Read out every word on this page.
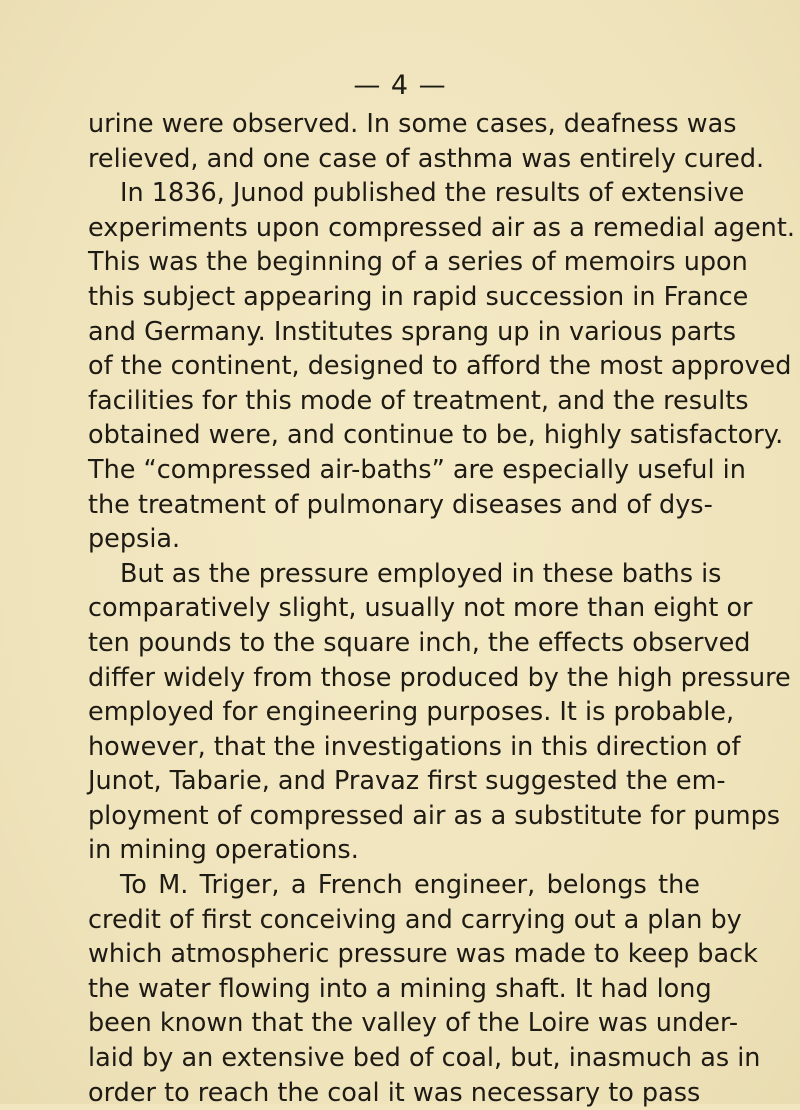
— 4 —
urine were observed. In some cases, deafness was
relieved, and one case of asthma was entirely cured.
In 1836, Junod published the results of extensive
experiments upon compressed air as a remedial agent.
This was the beginning of a series of memoirs upon
this subject appearing in rapid succession in France
and Germany. Institutes sprang up in various parts
of the continent, designed to afford the most approved
facilities for this mode of treatment, and the results
obtained were, and continue to be, highly satisfactory.
The “compressed air-baths” are especially useful in
the treatment of pulmonary diseases and of dys-
pepsia.
But as the pressure employed in these baths is
comparatively slight, usually not more than eight or
ten pounds to the square inch, the effects observed
differ widely from those produced by the high pressure
employed for engineering purposes. It is probable,
however, that the investigations in this direction of
Junot, Tabarie, and Pravaz first suggested the em-
ployment of compressed air as a substitute for pumps
in mining operations.
To M. Triger, a French engineer, belongs the
credit of first conceiving and carrying out a plan by
which atmospheric pressure was made to keep back
the water flowing into a mining shaft. It had long
been known that the valley of the Loire was under-
laid by an extensive bed of coal, but, inasmuch as in
order to reach the coal it was necessary to pass
